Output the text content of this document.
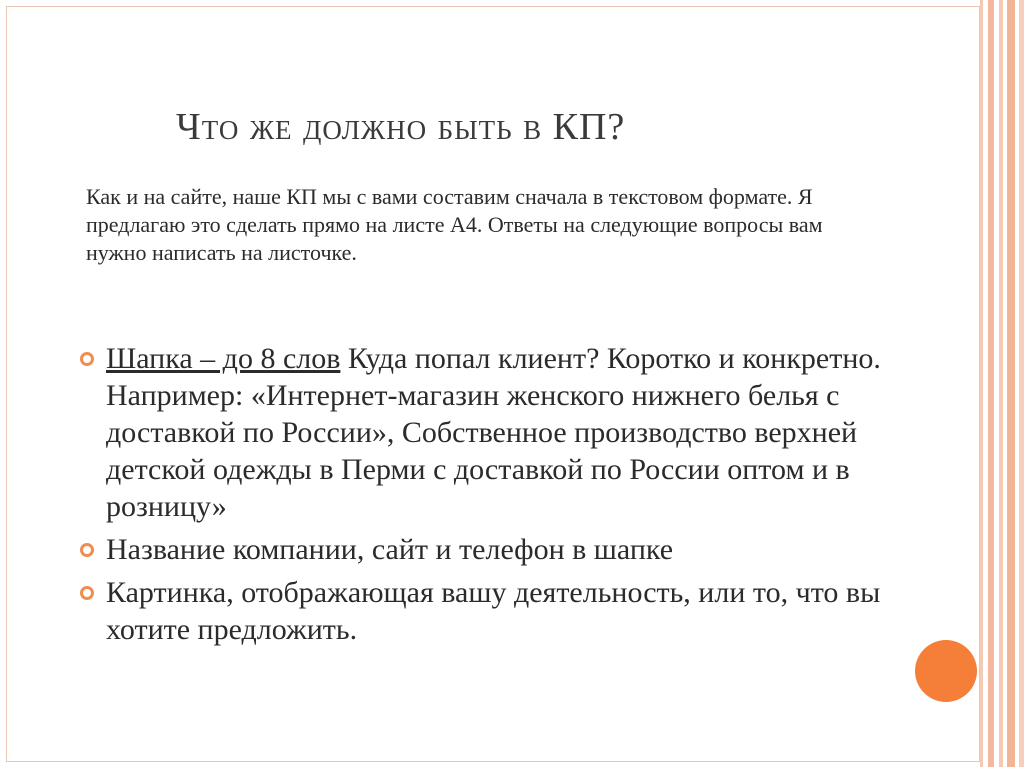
Что же должно быть в КП?
Как и на сайте, наше КП мы с вами составим сначала в текстовом формате. Я предлагаю это сделать прямо на листе А4. Ответы на следующие вопросы вам нужно написать на листочке.
Шапка – до 8 слов Куда попал клиент? Коротко и конкретно. Например: «Интернет-магазин женского нижнего белья с доставкой по России», Собственное производство верхней детской одежды в Перми с доставкой по России оптом и в розницу»
Название компании, сайт и телефон в шапке
Картинка, отображающая вашу деятельность, или то, что вы хотите предложить.
